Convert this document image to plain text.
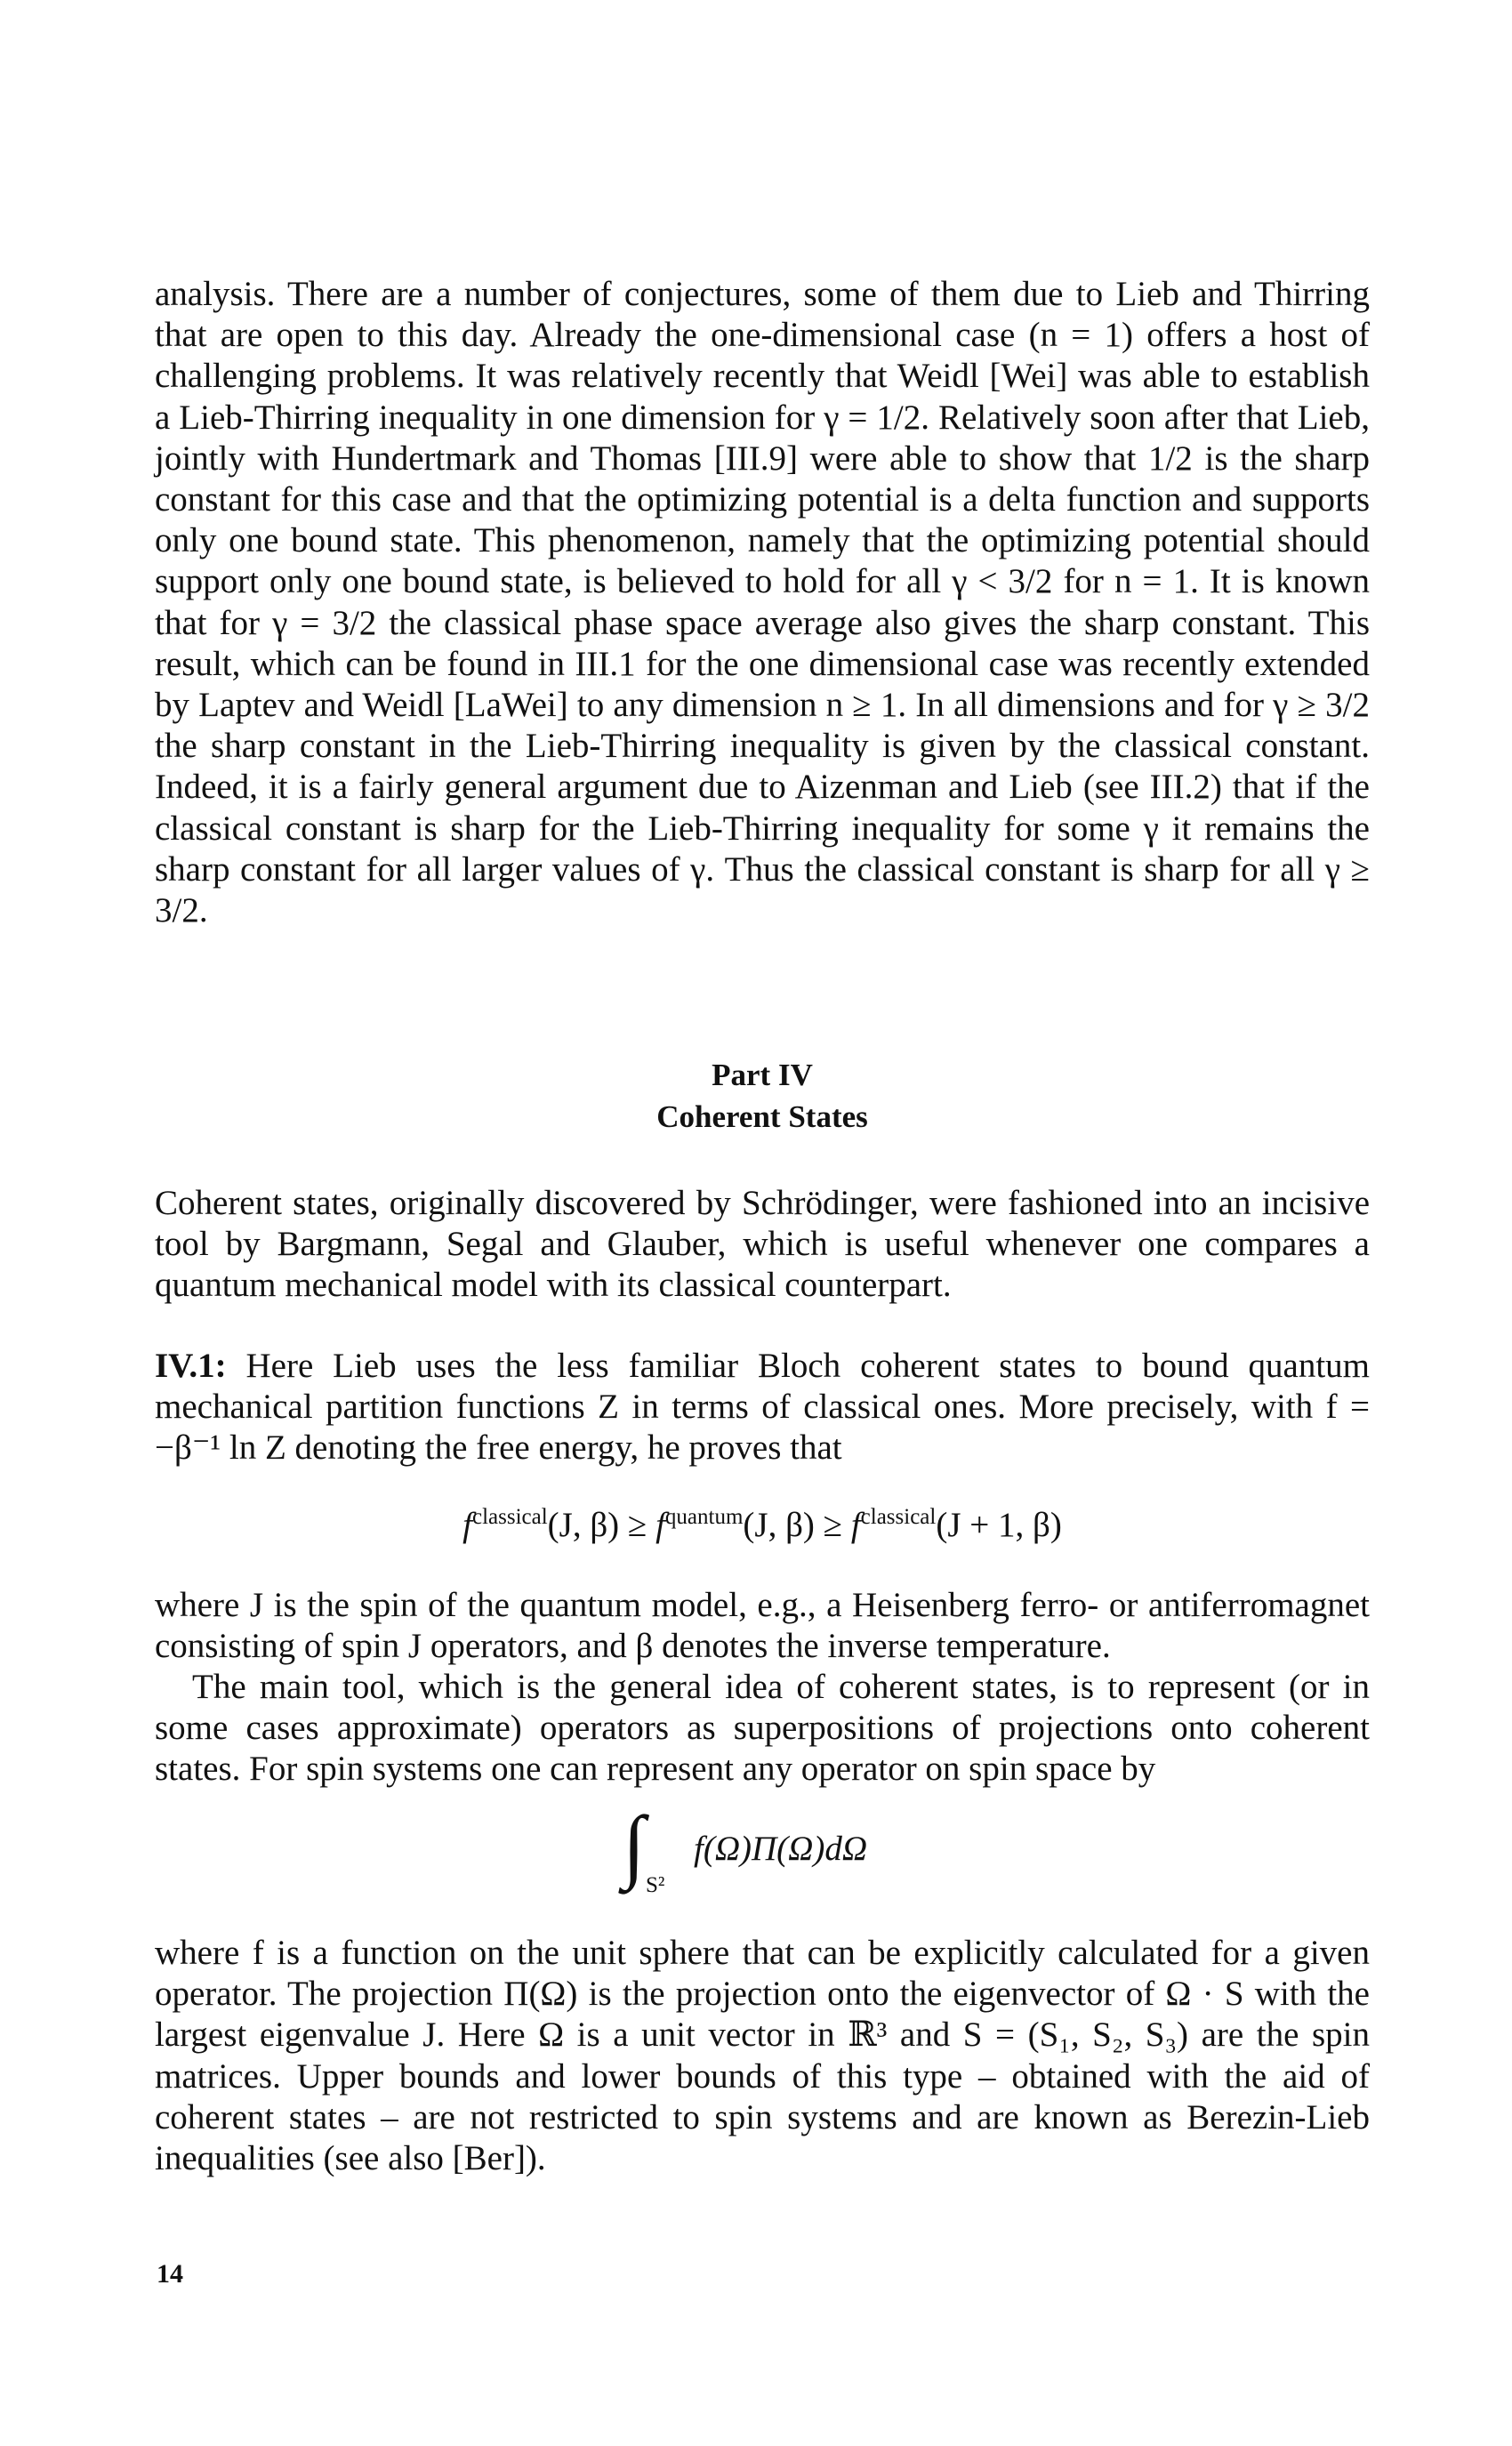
analysis. There are a number of conjectures, some of them due to Lieb and Thirring that are open to this day. Already the one-dimensional case (n = 1) offers a host of challenging problems. It was relatively recently that Weidl [Wei] was able to establish a Lieb-Thirring inequality in one dimension for γ = 1/2. Relatively soon after that Lieb, jointly with Hundertmark and Thomas [III.9] were able to show that 1/2 is the sharp constant for this case and that the optimizing potential is a delta function and supports only one bound state. This phenomenon, namely that the optimizing potential should support only one bound state, is believed to hold for all γ < 3/2 for n = 1. It is known that for γ = 3/2 the classical phase space average also gives the sharp constant. This result, which can be found in III.1 for the one dimensional case was recently extended by Laptev and Weidl [LaWei] to any dimension n ≥ 1. In all dimensions and for γ ≥ 3/2 the sharp constant in the Lieb-Thirring inequality is given by the classical constant. Indeed, it is a fairly general argument due to Aizenman and Lieb (see III.2) that if the classical constant is sharp for the Lieb-Thirring inequality for some γ it remains the sharp constant for all larger values of γ. Thus the classical constant is sharp for all γ ≥ 3/2.

Part IV
Coherent States

Coherent states, originally discovered by Schrödinger, were fashioned into an incisive tool by Bargmann, Segal and Glauber, which is useful whenever one compares a quantum mechanical model with its classical counterpart.

IV.1: Here Lieb uses the less familiar Bloch coherent states to bound quantum mechanical partition functions Z in terms of classical ones. More precisely, with f = −β⁻¹ ln Z denoting the free energy, he proves that

$f^{classical}(J$, $\beta) \ge f^{quantum}(J$, $\beta) \ge f^{classical}(J + 1$, β)

where J is the spin of the quantum model, e.g., a Heisenberg ferro- or antiferromagnet consisting of spin J operators, and β denotes the inverse temperature.

The main tool, which is the general idea of coherent states, is to represent (or in some cases approximate) operators as superpositions of projections onto coherent states. For spin systems one can represent any operator on spin space by

∫ S²
f(Ω)Π(Ω)dΩ

where f is a function on the unit sphere that can be explicitly calculated for a given operator. The projection Π(Ω) is the projection onto the eigenvector of Ω · S with the largest eigenvalue J. Here Ω is a unit vector in ℝ³ and S = (S₁, S₂, S₃) are the spin matrices. Upper bounds and lower bounds of this type – obtained with the aid of coherent states – are not restricted to spin systems and are known as Berezin-Lieb inequalities (see also [Ber]).

14
